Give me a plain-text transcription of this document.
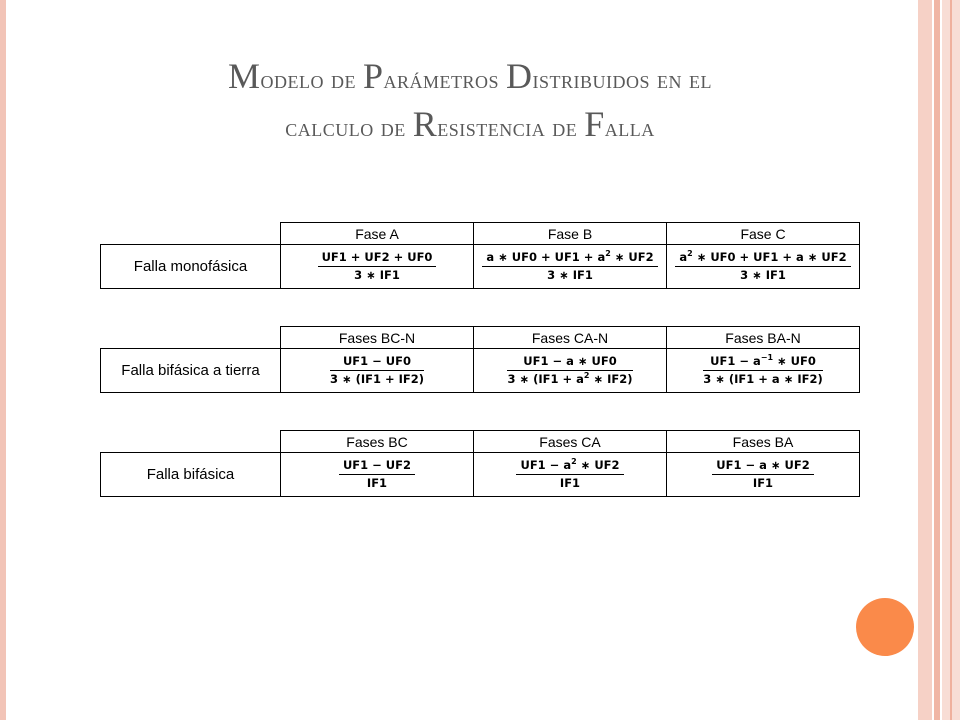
Modelo de Parámetros Distribuidos en el
calculo de Resistencia de Falla
	Fase A	Fase B	Fase C
Falla monofásica	$\frac{UF1 + UF2 + UF0}{3 ∗ IF1}$	$\frac{a ∗ UF0 + UF1 + a^2 ∗ UF2}{3 ∗ IF1}$	$\frac{a^2 ∗ UF0 + UF1 + a ∗ UF2}{3 ∗ IF1}$
	Fases BC-N	Fases CA-N	Fases BA-N
Falla bifásica a tierra	$\frac{UF1 - UF0}{3 ∗ (IF1 + IF2)}$	$\frac{UF1 - a ∗ UF0}{3 ∗ (IF1 + a^2 ∗ IF2)}$	$\frac{UF1 - a^{-1} ∗ UF0}{3 ∗ (IF1 + a ∗ IF2)}$
	Fases BC	Fases CA	Fases BA
Falla bifásica	$\frac{UF1 - UF2}{IF1}$	$\frac{UF1 - a^2 ∗ UF2}{IF1}$	$\frac{UF1 - a ∗ UF2}{IF1}$
